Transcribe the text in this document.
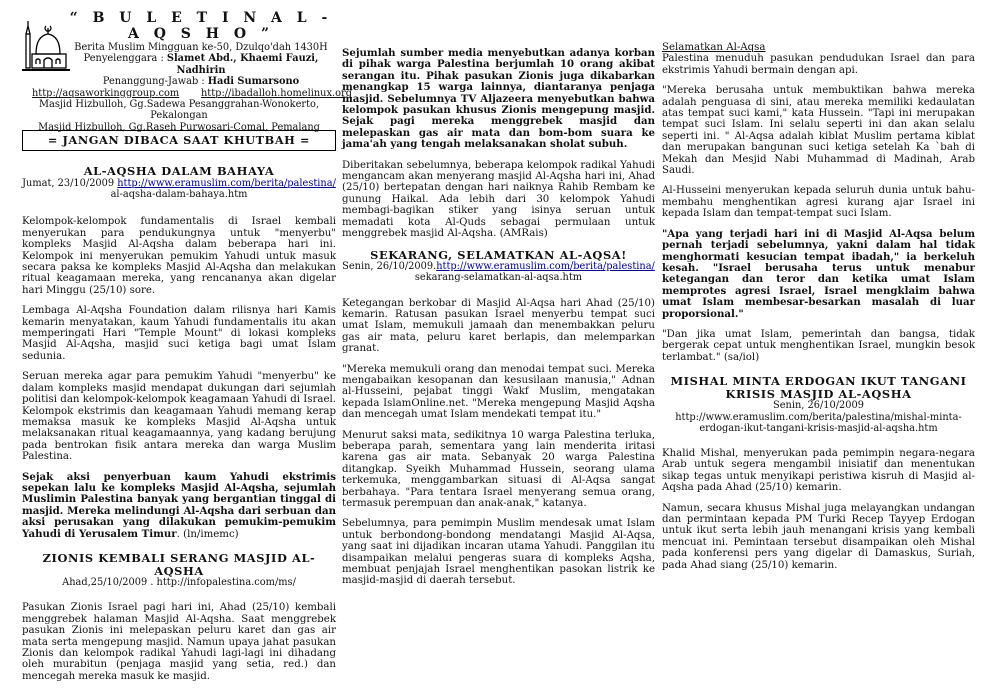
“ B U L E T I N A L - A Q S H O ”
Berita Muslim Mingguan ke-50, Dzulqo'dah 1430H
Penyelenggara : Slamet Abd., Khaemi Fauzi, Nadhirin
Penanggung-Jawab : Hadi Sumarsono
http://aqsaworkinggroup.com http://ibadalloh.homelinux.org
Masjid Hizbulloh, Gg.Sadewa Pesanggrahan-Wonokerto, Pekalongan
Masjid Hizbulloh, Gg.Raseh Purwosari-Comal, Pemalang
= JANGAN DIBACA SAAT KHUTBAH =
AL-AQSHA DALAM BAHAYA
Jumat, 23/10/2009 http://www.eramuslim.com/berita/palestina/
al-aqsha-dalam-bahaya.htm

Kelompok-kelompok fundamentalis di Israel kembali menyerukan para pendukungnya untuk "menyerbu" kompleks Masjid Al-Aqsha dalam beberapa hari ini. Kelompok ini menyerukan pemukim Yahudi untuk masuk secara paksa ke kompleks Masjid Al-Aqsha dan melakukan ritual keagamaan mereka, yang rencananya akan digelar hari Minggu (25/10) sore.

Lembaga Al-Aqsha Foundation dalam rilisnya hari Kamis kemarin menyatakan, kaum Yahudi fundamentalis itu akan memperingati Hari "Temple Mount" di lokasi kompleks Masjid Al-Aqsha, masjid suci ketiga bagi umat Islam sedunia.

Seruan mereka agar para pemukim Yahudi "menyerbu" ke dalam kompleks masjid mendapat dukungan dari sejumlah politisi dan kelompok-kelompok keagamaan Yahudi di Israel. Kelompok ekstrimis dan keagamaan Yahudi memang kerap memaksa masuk ke kompleks Masjid Al-Aqsha untuk melaksanakan ritual keagamaannya, yang kadang berujung pada bentrokan fisik antara mereka dan warga Muslim Palestina.

Sejak aksi penyerbuan kaum Yahudi ekstrimis sepekan lalu ke kompleks Masjid Al-Aqsha, sejumlah Muslimin Palestina banyak yang bergantian tinggal di masjid. Mereka melindungi Al-Aqsha dari serbuan dan aksi perusakan yang dilakukan pemukim-pemukim Yahudi di Yerusalem Timur. (ln/imemc)

ZIONIS KEMBALI SERANG MASJID AL-AQSHA
Ahad,25/10/2009 . http://infopalestina.com/ms/

Pasukan Zionis Israel pagi hari ini, Ahad (25/10) kembali menggrebek halaman Masjid Al-Aqsha. Saat menggrebek pasukan Zionis ini melepaskan peluru karet dan gas air mata serta mengepung masjid. Namun upaya jahat pasukan Zionis dan kelompok radikal Yahudi lagi-lagi ini dihadang oleh murabitun (penjaga masjid yang setia, red.) dan mencegah mereka masuk ke masjid.

Sejumlah sumber media menyebutkan adanya korban di pihak warga Palestina berjumlah 10 orang akibat serangan itu. Pihak pasukan Zionis juga dikabarkan menangkap 15 warga lainnya, diantaranya penjaga masjid. Sebelumnya TV Aljazeera menyebutkan bahwa kelompok pasukan khusus Zionis mengepung masjid. Sejak pagi mereka menggrebek masjid dan melepaskan gas air mata dan bom-bom suara ke jama'ah yang tengah melaksanakan sholat subuh.

Diberitakan sebelumnya, beberapa kelompok radikal Yahudi mengancam akan menyerang masjid Al-Aqsha hari ini, Ahad (25/10) bertepatan dengan hari naiknya Rahib Rembam ke gunung Haikal. Ada lebih dari 30 kelompok Yahudi membagi-bagikan stiker yang isinya seruan untuk memadati kota Al-Quds sebagai permulaan untuk menggrebek masjid Al-Aqsha. (AMRais)

SEKARANG, SELAMATKAN AL-AQSA!
Senin, 26/10/2009.http://www.eramuslim.com/berita/palestina/
sekarang-selamatkan-al-aqsa.htm

Ketegangan berkobar di Masjid Al-Aqsa hari Ahad (25/10) kemarin. Ratusan pasukan Israel menyerbu tempat suci umat Islam, memukuli jamaah dan menembakkan peluru gas air mata, peluru karet berlapis, dan melemparkan granat.

"Mereka memukuli orang dan menodai tempat suci. Mereka mengabaikan kesopanan dan kesusilaan manusia," Adnan al-Husseini, pejabat tinggi Wakf Muslim, mengatakan kepada IslamOnline.net. "Mereka mengepung Masjid Aqsha dan mencegah umat Islam mendekati tempat itu."

Menurut saksi mata, sedikitnya 10 warga Palestina terluka, beberapa parah, sementara yang lain menderita iritasi karena gas air mata. Sebanyak 20 warga Palestina ditangkap. Syeikh Muhammad Hussein, seorang ulama terkemuka, menggambarkan situasi di Al-Aqsa sangat berbahaya. "Para tentara Israel menyerang semua orang, termasuk perempuan dan anak-anak," katanya.

Sebelumnya, para pemimpin Muslim mendesak umat Islam untuk berbondong-bondong mendatangi Masjid Al-Aqsa, yang saat ini dijadikan incaran utama Yahudi. Panggilan itu disampaikan melalui pengeras suara di kompleks Aqsha, membuat penjajah Israel menghentikan pasokan listrik ke masjid-masjid di daerah tersebut.

Selamatkan Al-Aqsa

Palestina menuduh pasukan pendudukan Israel dan para ekstrimis Yahudi bermain dengan api.

"Mereka berusaha untuk membuktikan bahwa mereka adalah penguasa di sini, atau mereka memiliki kedaulatan atas tempat suci kami," kata Hussein. "Tapi ini merupakan tempat suci Islam. Ini selalu seperti ini dan akan selalu seperti ini. " Al-Aqsa adalah kiblat Muslim pertama kiblat dan merupakan bangunan suci ketiga setelah Ka `bah di Mekah dan Mesjid Nabi Muhammad di Madinah, Arab Saudi.

Al-Husseini menyerukan kepada seluruh dunia untuk bahu-membahu menghentikan agresi kurang ajar Israel ini kepada Islam dan tempat-tempat suci Islam.

"Apa yang terjadi hari ini di Masjid Al-Aqsa belum pernah terjadi sebelumnya, yakni dalam hal tidak menghormati kesucian tempat ibadah," ia berkeluh kesah. "Israel berusaha terus untuk menabur ketegangan dan teror dan ketika umat Islam memprotes agresi Israel, Israel mengklaim bahwa umat Islam membesar-besarkan masalah di luar proporsional."

"Dan jika umat Islam, pemerintah dan bangsa, tidak bergerak cepat untuk menghentikan Israel, mungkin besok terlambat." (sa/iol)

MISHAL MINTA ERDOGAN IKUT TANGANI KRISIS MASJID AL-AQSHA
Senin, 26/10/2009
http://www.eramuslim.com/berita/palestina/mishal-minta-erdogan-ikut-tangani-krisis-masjid-al-aqsha.htm

Khalid Mishal, menyerukan pada pemimpin negara-negara Arab untuk segera mengambil inisiatif dan menentukan sikap tegas untuk menyikapi peristiwa kisruh di Masjid al-Aqsha pada Ahad (25/10) kemarin.

Namun, secara khusus Mishal juga melayangkan undangan dan permintaan kepada PM Turki Recep Tayyep Erdogan untuk ikut serta lebih jauh menangani krisis yang kembali mencuat ini. Pemintaan tersebut disampaikan oleh Mishal pada konferensi pers yang digelar di Damaskus, Suriah, pada Ahad siang (25/10) kemarin.
